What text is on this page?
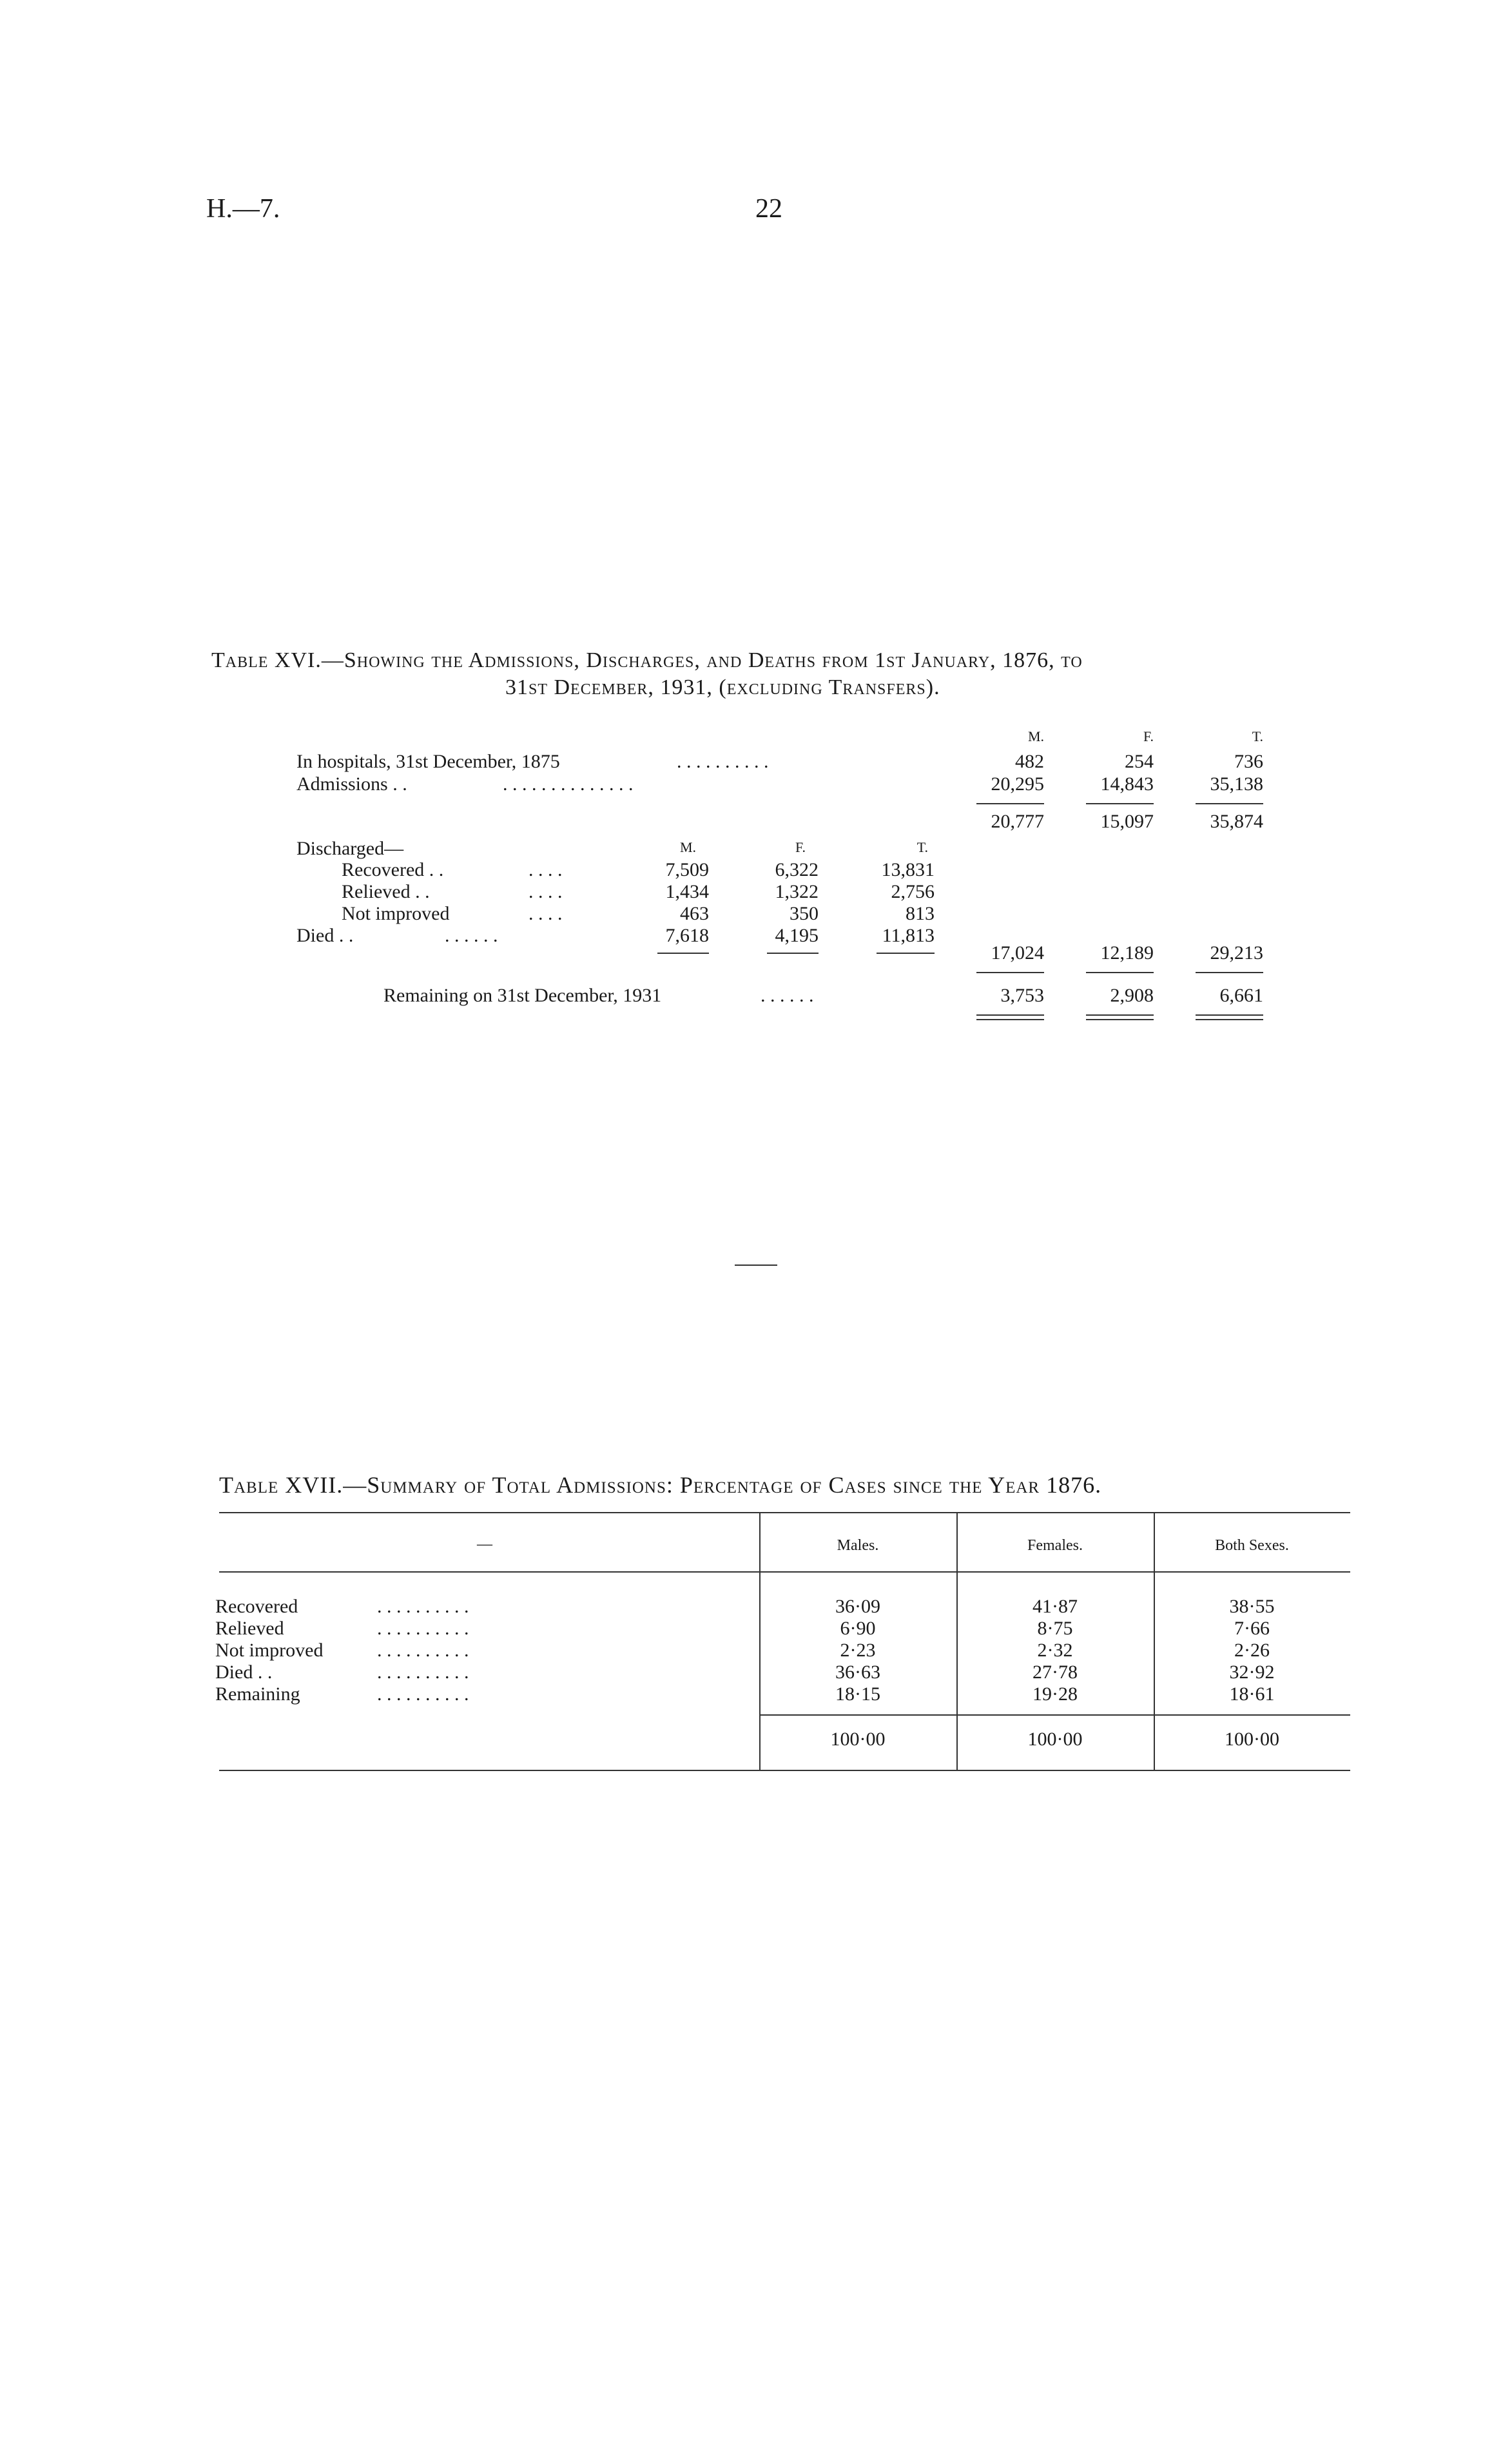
H.—7.	22
Table XVI.—Showing the Admissions, Discharges, and Deaths from 1st January, 1876, to
31st December, 1931, (excluding Transfers).
M.	F.	T.
In hospitals, 31st December, 1875	. . . . . . . . . .	482	254	736
Admissions . .	. . . . . . . . . . . . . .	20,295	14,843	35,138
20,777	15,097	35,874
Discharged—	M.	F.	T.
Recovered . .	. . . .	7,509	6,322	13,831
Relieved . .	. . . .	1,434	1,322	2,756
Not improved	. . . .	463	350	813
Died . .	. . . . . .	7,618	4,195	11,813
17,024	12,189	29,213
Remaining on 31st December, 1931	. . . . . .	3,753	2,908	6,661
Table XVII.—Summary of Total Admissions: Percentage of Cases since the Year 1876.
—	Males.	Females.	Both Sexes.
Recovered	. . . . . . . . . .	36·09	41·87	38·55
Relieved	. . . . . . . . . .	6·90	8·75	7·66
Not improved	. . . . . . . . . .	2·23	2·32	2·26
Died . .	. . . . . . . . . .	36·63	27·78	32·92
Remaining	. . . . . . . . . .	18·15	19·28	18·61
100·00	100·00	100·00
